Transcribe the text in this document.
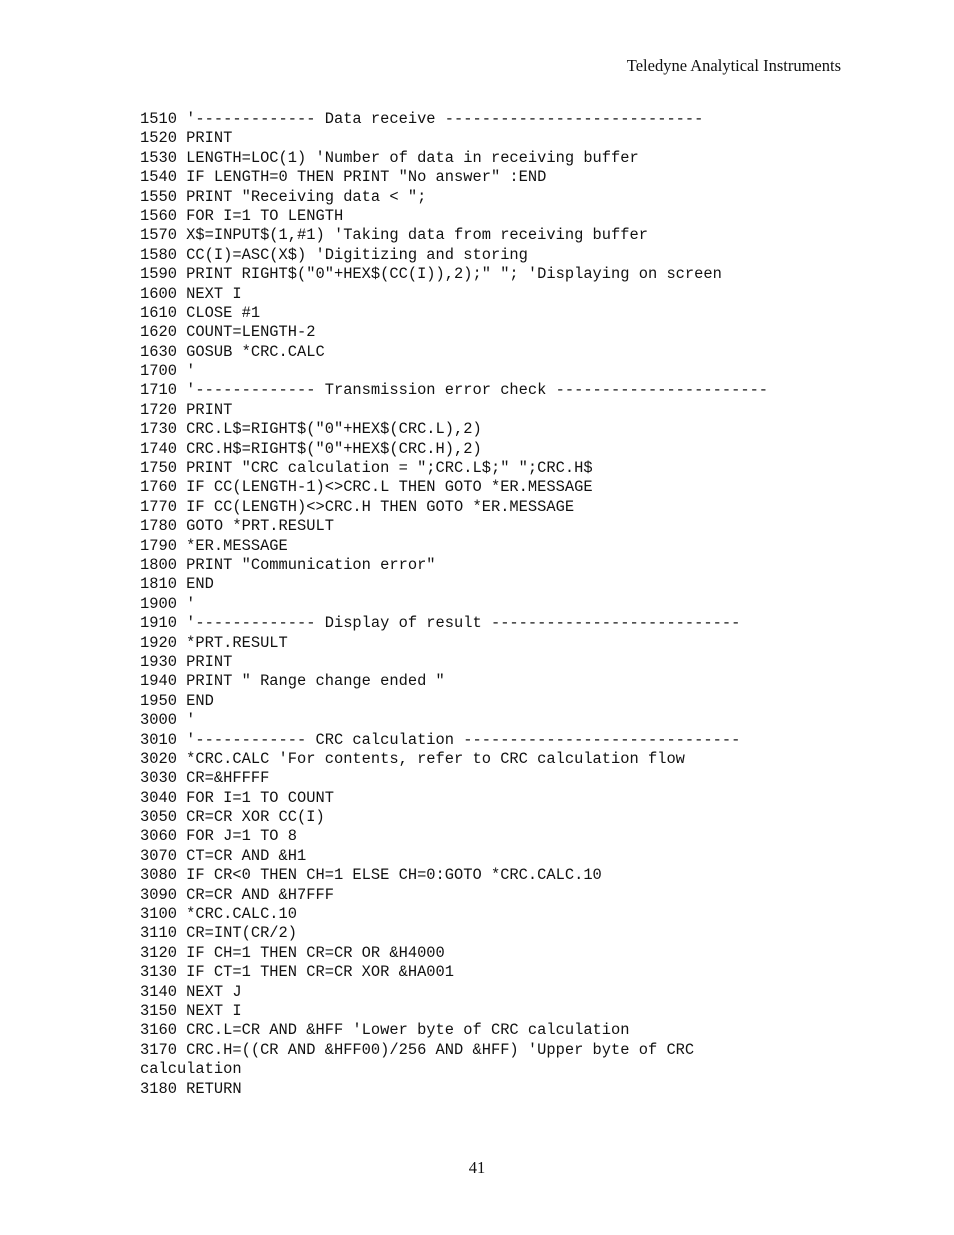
Teledyne Analytical Instruments
1510 '------------- Data receive ----------------------------
1520 PRINT
1530 LENGTH=LOC(1) 'Number of data in receiving buffer
1540 IF LENGTH=0 THEN PRINT "No answer" :END
1550 PRINT "Receiving data < ";
1560 FOR I=1 TO LENGTH
1570 X$=INPUT$(1,#1) 'Taking data from receiving buffer
1580 CC(I)=ASC(X$) 'Digitizing and storing
1590 PRINT RIGHT$("0"+HEX$(CC(I)),2);" "; 'Displaying on screen
1600 NEXT I
1610 CLOSE #1
1620 COUNT=LENGTH-2
1630 GOSUB *CRC.CALC
1700 '
1710 '------------- Transmission error check -----------------------
1720 PRINT
1730 CRC.L$=RIGHT$("0"+HEX$(CRC.L),2)
1740 CRC.H$=RIGHT$("0"+HEX$(CRC.H),2)
1750 PRINT "CRC calculation = ";CRC.L$;" ";CRC.H$
1760 IF CC(LENGTH-1)<>CRC.L THEN GOTO *ER.MESSAGE
1770 IF CC(LENGTH)<>CRC.H THEN GOTO *ER.MESSAGE
1780 GOTO *PRT.RESULT
1790 *ER.MESSAGE
1800 PRINT "Communication error"
1810 END
1900 '
1910 '------------- Display of result ---------------------------
1920 *PRT.RESULT
1930 PRINT
1940 PRINT " Range change ended "
1950 END
3000 '
3010 '------------ CRC calculation ------------------------------
3020 *CRC.CALC 'For contents, refer to CRC calculation flow
3030 CR=&HFFFF
3040 FOR I=1 TO COUNT
3050 CR=CR XOR CC(I)
3060 FOR J=1 TO 8
3070 CT=CR AND &H1
3080 IF CR<0 THEN CH=1 ELSE CH=0:GOTO *CRC.CALC.10
3090 CR=CR AND &H7FFF
3100 *CRC.CALC.10
3110 CR=INT(CR/2)
3120 IF CH=1 THEN CR=CR OR &H4000
3130 IF CT=1 THEN CR=CR XOR &HA001
3140 NEXT J
3150 NEXT I
3160 CRC.L=CR AND &HFF 'Lower byte of CRC calculation
3170 CRC.H=((CR AND &HFF00)/256 AND &HFF) 'Upper byte of CRC
calculation
3180 RETURN
41
